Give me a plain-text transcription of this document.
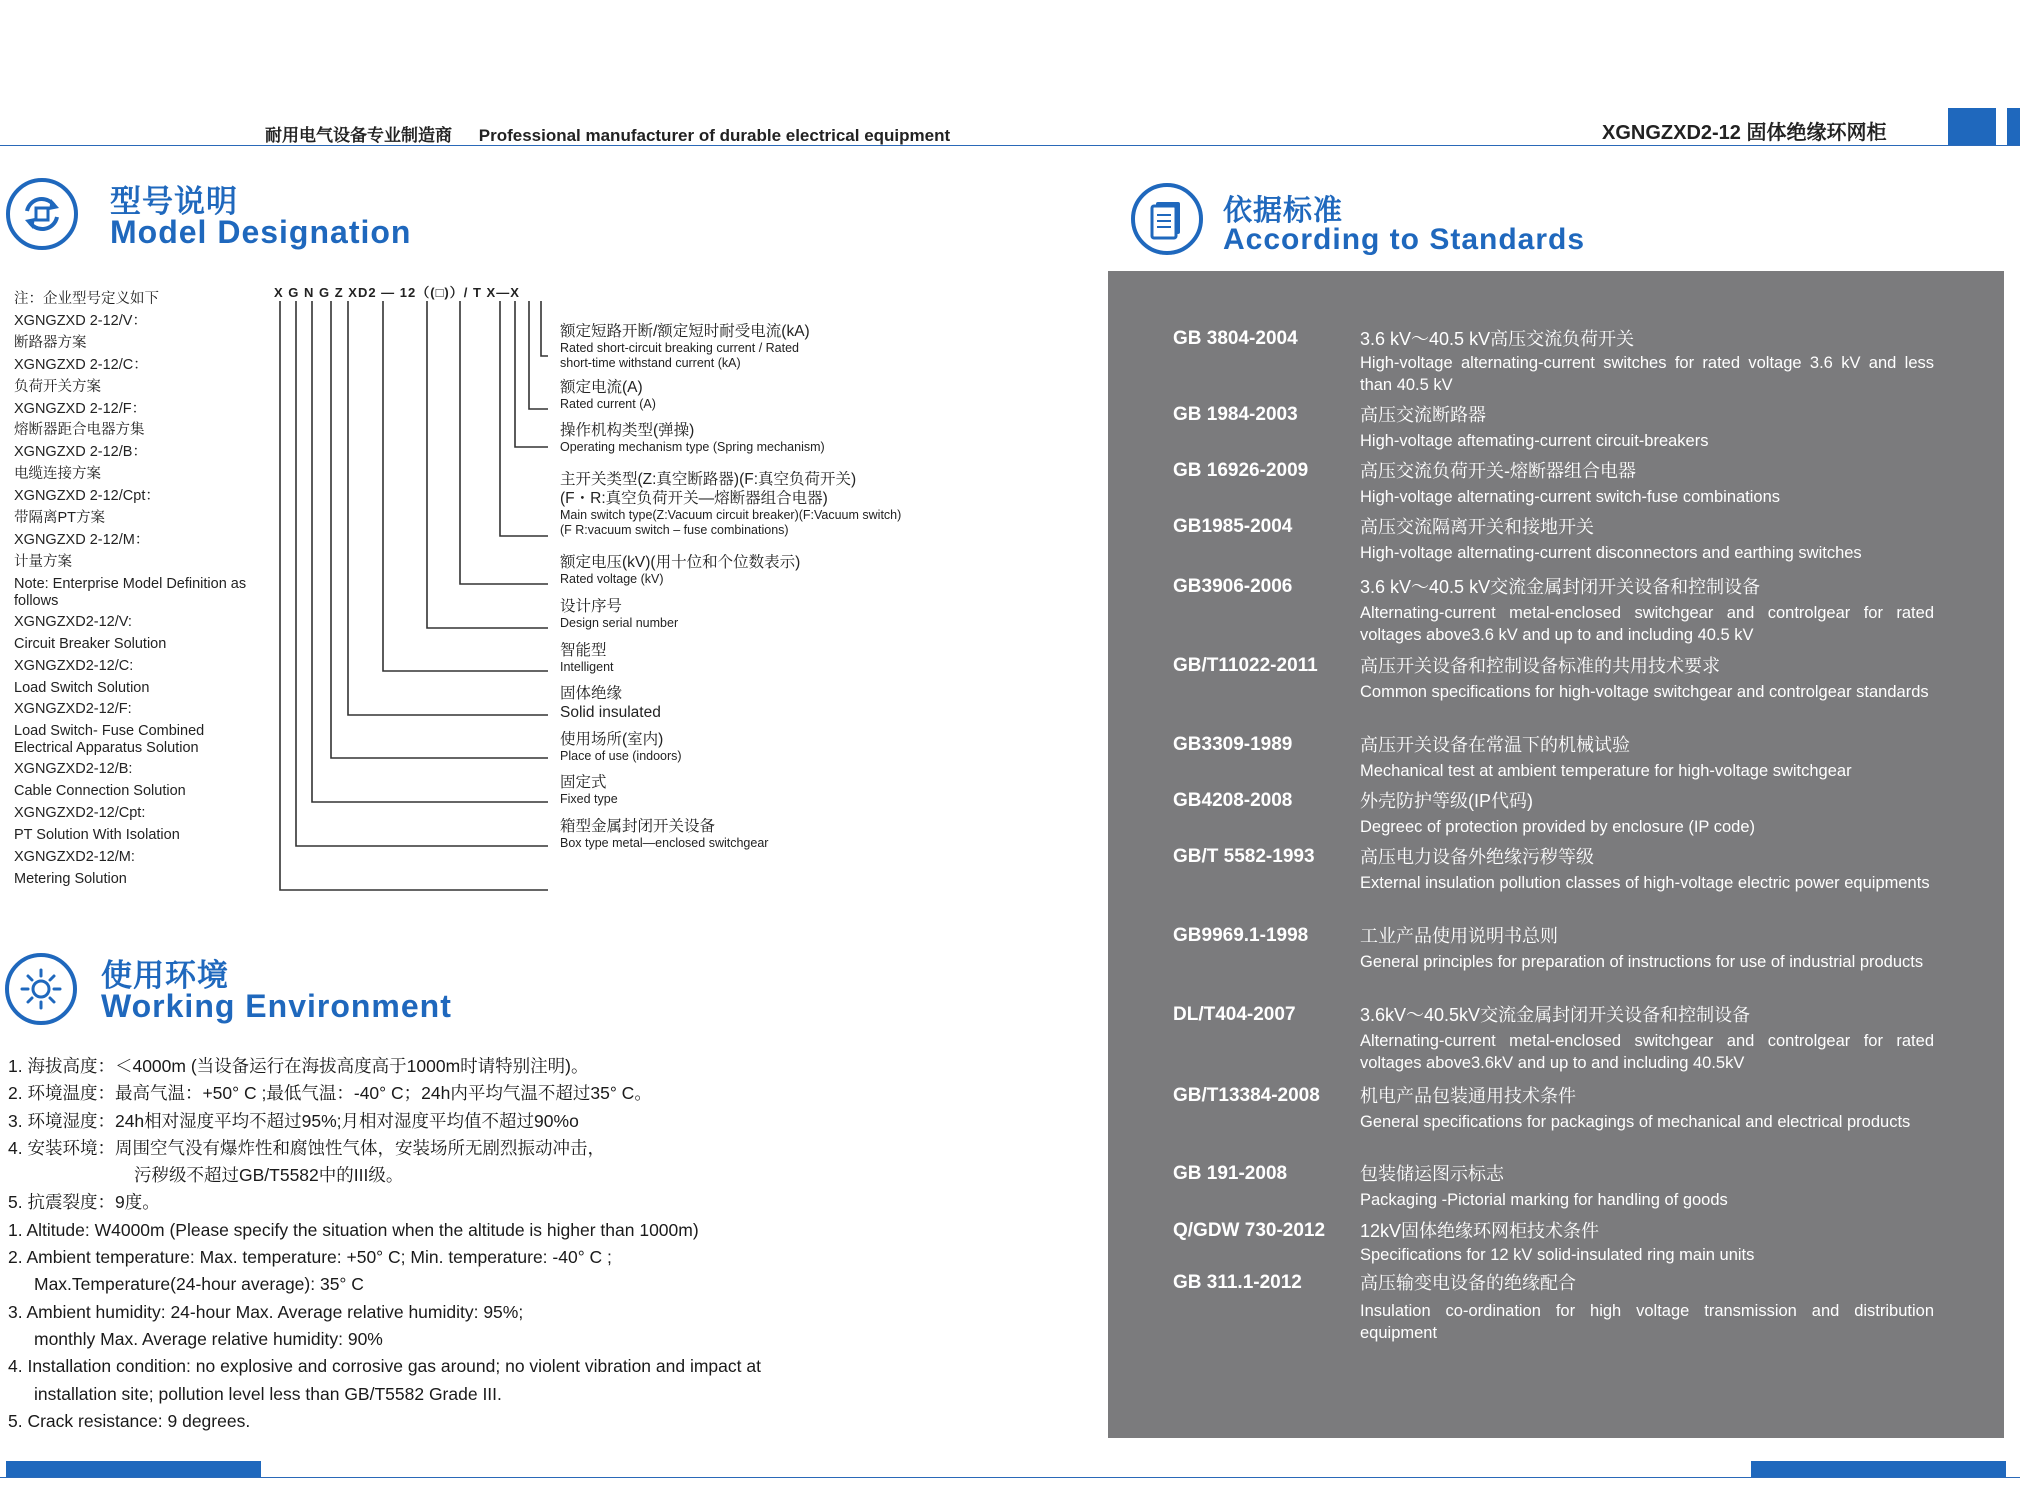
耐用电气设备专业制造商 Professional manufacturer of durable electrical equipment	XGNGZXD2-12 固体绝缘环网柜
型号说明
Model Designation
注：企业型号定义如下
XGNGZXD 2-12/V：
断路器方案
XGNGZXD 2-12/C：
负荷开关方案
XGNGZXD 2-12/F：
熔断器距合电器方集
XGNGZXD 2-12/B：
电缆连接方案
XGNGZXD 2-12/Cpt：
带隔离PT方案
XGNGZXD 2-12/M：
计量方案
Note: Enterprise Model Definition as follows
XGNGZXD2-12/V:
Circuit Breaker Solution
XGNGZXD2-12/C:
Load Switch Solution
XGNGZXD2-12/F:
Load Switch- Fuse Combined Electrical Apparatus Solution
XGNGZXD2-12/B:
Cable Connection Solution
XGNGZXD2-12/Cpt:
PT Solution With Isolation
XGNGZXD2-12/M:
Metering Solution
X G N G Z XD2 — 12（(□)）/ T X—X
额定短路开断/额定短时耐受电流(kA)
Rated short-circuit breaking current / Rated
short-time withstand current (kA)
额定电流(A)
Rated current (A)
操作机构类型(弹操)
Operating mechanism type (Spring mechanism)
主开关类型(Z:真空断路器)(F:真空负荷开关)
(F・R:真空负荷开关—熔断器组合电器)
Main switch type(Z:Vacuum circuit breaker)(F:Vacuum switch)
(F R:vacuum switch – fuse combinations)
额定电压(kV)(用十位和个位数表示)
Rated voltage (kV)
设计序号
Design serial number
智能型
Intelligent
固体绝缘
Solid insulated
使用场所(室内)
Place of use (indoors)
固定式
Fixed type
箱型金属封闭开关设备
Box type metal—enclosed switchgear
使用环境
Working Environment
1. 海拔高度：＜4000m (当设备运行在海拔高度高于1000m时请特别注明)。
2. 环境温度：最高气温：+50° C ;最低气温：-40° C；24h内平均气温不超过35° C。
3. 环境湿度：24h相对湿度平均不超过95%;月相对湿度平均值不超过90%o
4. 安装环境：周围空气没有爆炸性和腐蚀性气体，安装场所无剧烈振动冲击，
污秽级不超过GB/T5582中的III级。
5. 抗震裂度：9度。
1. Altitude: W4000m (Please specify the situation when the altitude is higher than 1000m)
2. Ambient temperature: Max. temperature: +50° C; Min. temperature: -40° C ;
Max.Temperature(24-hour average): 35° C
3. Ambient humidity: 24-hour Max. Average relative humidity: 95%;
monthly Max. Average relative humidity: 90%
4. Installation condition: no explosive and corrosive gas around; no violent vibration and impact at
installation site; pollution level less than GB/T5582 Grade III.
5. Crack resistance: 9 degrees.
依据标准
According to Standards
GB 3804-2004	3.6 kV～40.5 kV高压交流负荷开关
High-voltage alternating-current switches for rated voltage 3.6 kV and less than 40.5 kV
GB 1984-2003	高压交流断路器
High-voltage aftemating-current circuit-breakers
GB 16926-2009	高压交流负荷开关-熔断器组合电器
High-voltage alternating-current switch-fuse combinations
GB1985-2004	高压交流隔离开关和接地开关
High-voltage alternating-current disconnectors and earthing switches
GB3906-2006	3.6 kV～40.5 kV交流金属封闭开关设备和控制设备
Alternating-current metal-enclosed switchgear and controlgear for rated voltages above3.6 kV and up to and including 40.5 kV
GB/T11022-2011 高压开关设备和控制设备标准的共用技术要求
Common specifications for high-voltage switchgear and controlgear standards
GB3309-1989	高压开关设备在常温下的机械试验
Mechanical test at ambient temperature for high-voltage switchgear
GB4208-2008	外壳防护等级(IP代码)
Degreec of protection provided by enclosure (IP code)
GB/T 5582-1993	高压电力设备外绝缘污秽等级
External insulation pollution classes of high-voltage electric power equipments
GB9969.1-1998	工业产品使用说明书总则
General principles for preparation of instructions for use of industrial products
DL/T404-2007	3.6kV～40.5kV交流金属封闭开关设备和控制设备
Alternating-current metal-enclosed switchgear and controlgear for rated voltages above3.6kV and up to and including 40.5kV
GB/T13384-2008 机电产品包装通用技术条件
General specifications for packagings of mechanical and electrical products
GB 191-2008	包装储运图示标志
Packaging -Pictorial marking for handling of goods
Q/GDW 730-2012 12kV固体绝缘环网柜技术条件
Specifications for 12 kV solid-insulated ring main units
GB 311.1-2012	高压输变电设备的绝缘配合
Insulation co-ordination for high voltage transmission and distribution equipment
